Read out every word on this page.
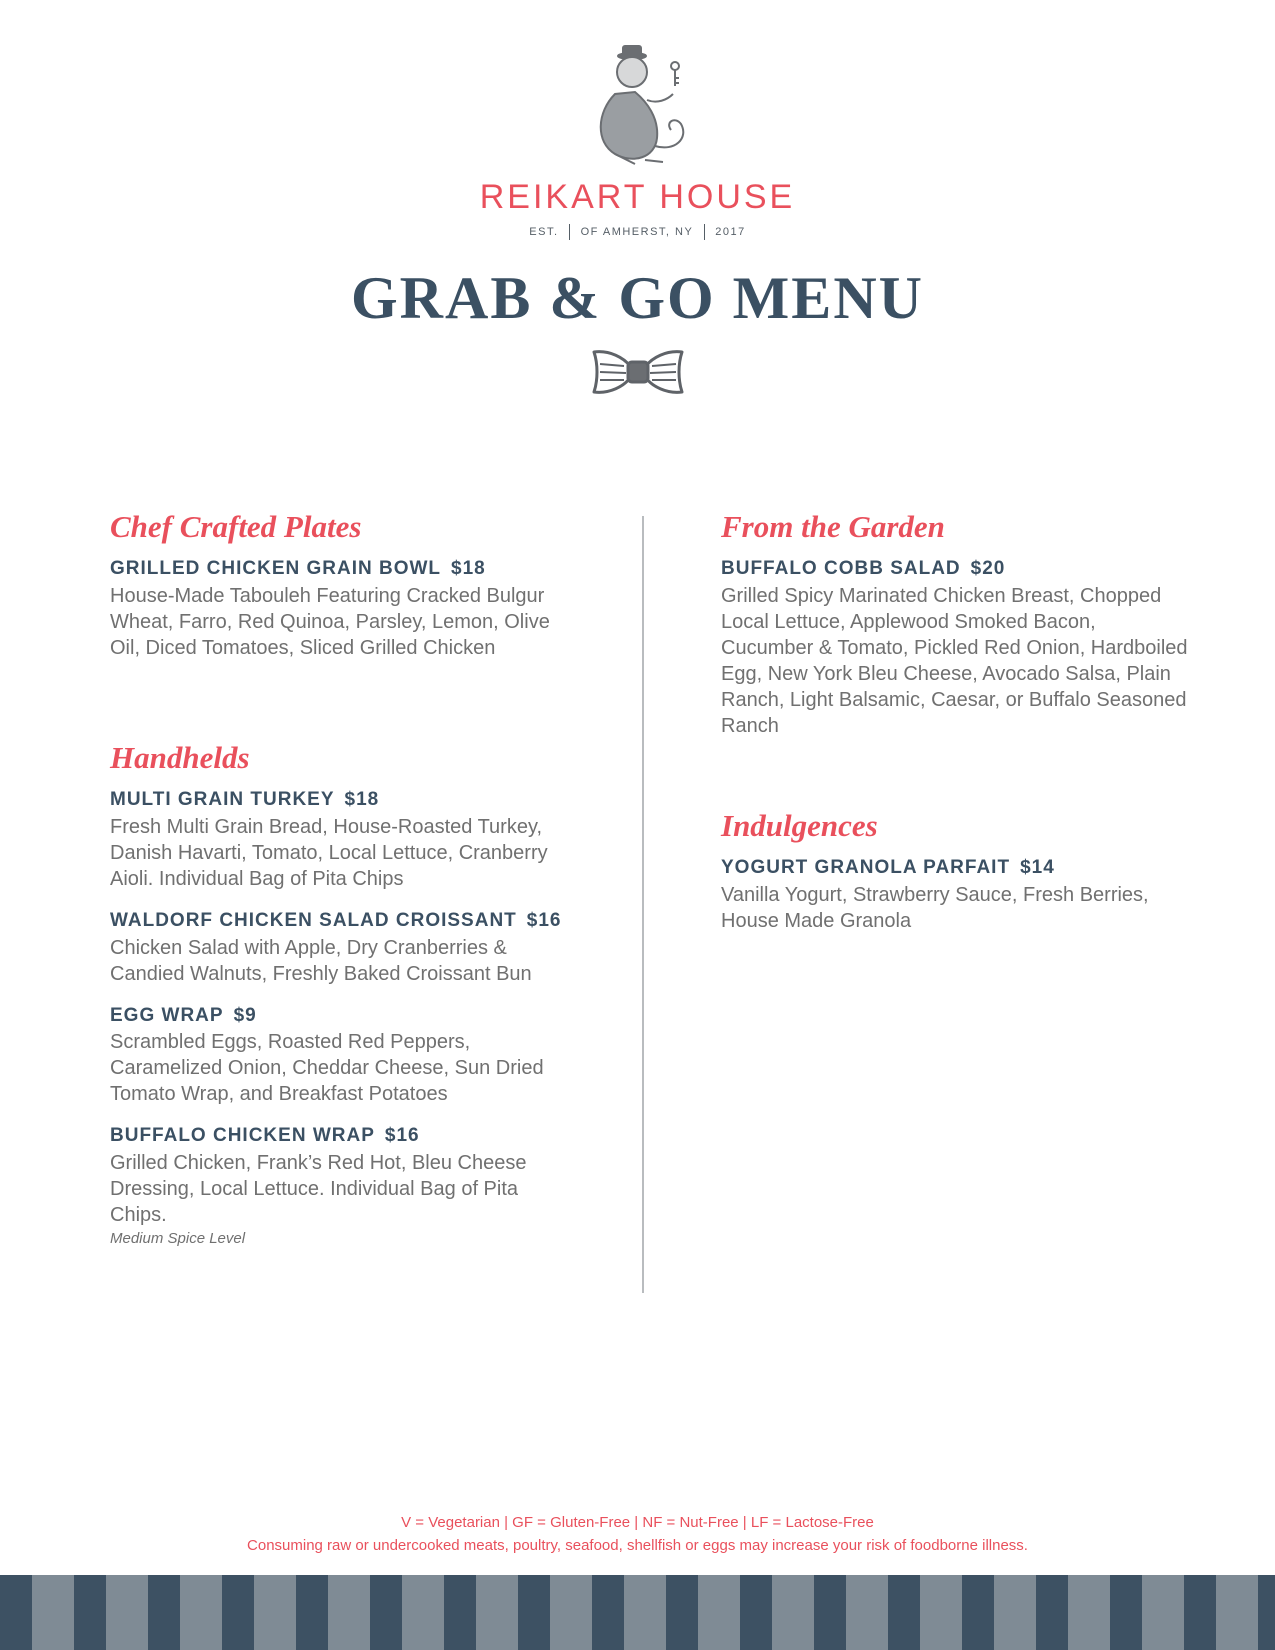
REIKART HOUSE
EST. OF AMHERST, NY 2017
GRAB & GO MENU
Chef Crafted Plates
GRILLED CHICKEN GRAIN BOWL $18
House-Made Tabouleh Featuring Cracked Bulgur Wheat, Farro, Red Quinoa, Parsley, Lemon, Olive Oil, Diced Tomatoes, Sliced Grilled Chicken
Handhelds
MULTI GRAIN TURKEY $18
Fresh Multi Grain Bread, House-Roasted Turkey, Danish Havarti, Tomato, Local Lettuce, Cranberry Aioli. Individual Bag of Pita Chips
WALDORF CHICKEN SALAD CROISSANT $16
Chicken Salad with Apple, Dry Cranberries & Candied Walnuts, Freshly Baked Croissant Bun
EGG WRAP $9
Scrambled Eggs, Roasted Red Peppers, Caramelized Onion, Cheddar Cheese, Sun Dried Tomato Wrap, and Breakfast Potatoes
BUFFALO CHICKEN WRAP $16
Grilled Chicken, Frank’s Red Hot, Bleu Cheese Dressing, Local Lettuce. Individual Bag of Pita Chips.
Medium Spice Level
From the Garden
BUFFALO COBB SALAD $20
Grilled Spicy Marinated Chicken Breast, Chopped Local Lettuce, Applewood Smoked Bacon, Cucumber & Tomato, Pickled Red Onion, Hardboiled Egg, New York Bleu Cheese, Avocado Salsa, Plain Ranch, Light Balsamic, Caesar, or Buffalo Seasoned Ranch
Indulgences
YOGURT GRANOLA PARFAIT $14
Vanilla Yogurt, Strawberry Sauce, Fresh Berries, House Made Granola
V = Vegetarian | GF = Gluten-Free | NF = Nut-Free | LF = Lactose-Free
Consuming raw or undercooked meats, poultry, seafood, shellfish or eggs may increase your risk of foodborne illness.
